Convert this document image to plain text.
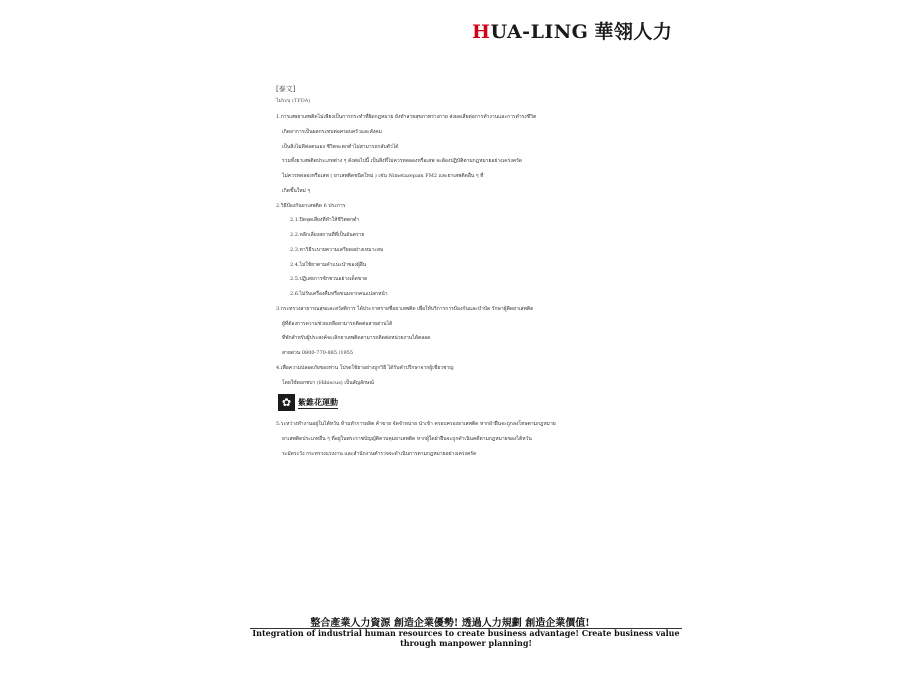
HUA-LING 華翎人力
[泰文]
ไม่ระบุ (TFDA)
1.การเสพยาเสพติดไม่เพียงเป็นการกระทำที่ผิดกฎหมาย ยังทำลายสุขภาพร่างกาย ส่งผลเสียต่อการทำงานและการดำรงชีวิต
เกิดอาการเป็นผลกระทบต่อครอบครัวและสังคม
เป็นสิ่งไม่ดีต่อตนเอง ชีวิตจะตกต่ำไม่สามารถกลับตัวได้
รวมทั้งยาเสพติดประเภทต่าง ๆ ดังต่อไปนี้ เป็นสิ่งที่ไม่ควรทดลองหรือเสพ จะต้องปฏิบัติตามกฎหมายอย่างเคร่งครัด
ไม่ควรทดลองหรือเสพ ( ยาเสพติดชนิดใหม่ ) เช่น Nimetazepam FM2 และยาเสพติดอื่น ๆ ที่
เกิดขึ้นใหม่ ๆ
2.วิธีป้องกันยาเสพติด 6 ประการ
2.1.ปิดจุดเสี่ยงที่ทำให้ชีวิตตกต่ำ
2.2.หลีกเลี่ยงสถานที่ที่เป็นอันตราย
2.3.หาวิธีระบายความเครียดอย่างเหมาะสม
2.4.ไม่ใช้ยาตามคำแนะนำของผู้อื่น
2.5.ปฏิเสธการชักชวนอย่างเด็ดขาด
2.6.ไม่รับเครื่องดื่มหรือขนมจากคนแปลกหน้า
3.กระทรวงสาธารณสุขและสวัสดิการ ได้ประกาศรายชื่อยาเสพติด เพื่อให้บริการการป้องกันและบำบัด รักษาผู้ติดยาเสพติด
ผู้ที่ต้องการความช่วยเหลือสามารถติดต่อสายด่วนได้
ที่พักสำหรับผู้ประสงค์จะเลิกยาเสพติดสามารถติดต่อหน่วยงานได้ตลอด
สายด่วน 0800-770-885 /1955
4.เพื่อความปลอดภัยของท่าน โปรดใช้ยาอย่างถูกวิธี ได้รับคำปรึกษาจากผู้เชี่ยวชาญ
โดยใช้ดอกชบา (Hibiscus) เป็นสัญลักษณ์
✿ 紫錐花運動
5.ระหว่างทำงานอยู่ในไต้หวัน ห้ามทำการผลิต ค้าขาย จัดจำหน่าย นำเข้า ครอบครองยาเสพติด หากฝ่าฝืนจะถูกลงโทษตามกฎหมาย
ยาเสพติดประเภทอื่น ๆ ที่อยู่ในพระราชบัญญัติควบคุมยาเสพติด หากผู้ใดฝ่าฝืนจะถูกดำเนินคดีตามกฎหมายของไต้หวัน
ระมัดระวัง กระทรวงแรงงาน และสำนักงานตำรวจจะดำเนินการตามกฎหมายอย่างเคร่งครัด
整合產業人力資源 創造企業優勢! 透過人力規劃 創造企業價值!
Integration of industrial human resources to create business advantage! Create business value through manpower planning!
